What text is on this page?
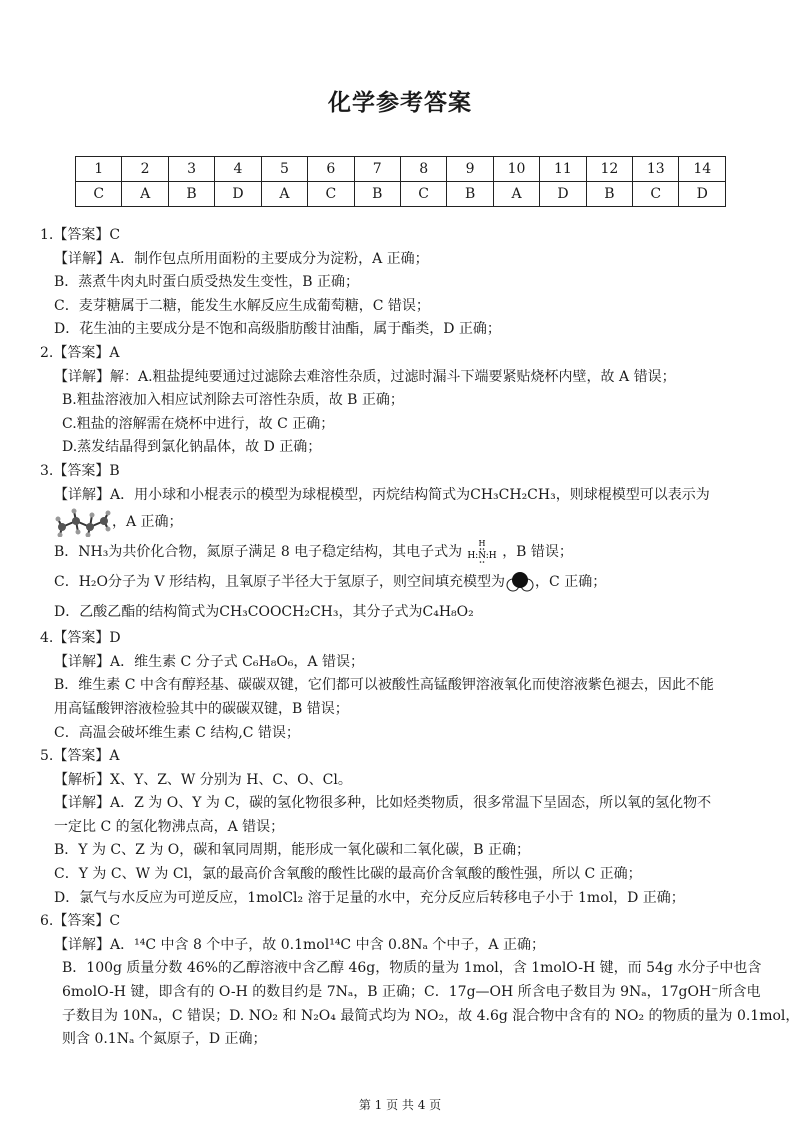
化学参考答案
1	2	3	4	5	6	7	8	9	10	11	12	13	14
C	A	B	D	A	C	B	C	B	A	D	B	C	D
1.【答案】C
【详解】A．制作包点所用面粉的主要成分为淀粉，A 正确；
B．蒸煮牛肉丸时蛋白质受热发生变性，B 正确；
C．麦芽糖属于二糖，能发生水解反应生成葡萄糖，C 错误；
D．花生油的主要成分是不饱和高级脂肪酸甘油酯，属于酯类，D 正确；
2.【答案】A
【详解】解：A.粗盐提纯要通过过滤除去难溶性杂质，过滤时漏斗下端要紧贴烧杯内壁，故 A 错误；
B.粗盐溶液加入相应试剂除去可溶性杂质，故 B 正确；
C.粗盐的溶解需在烧杯中进行，故 C 正确；
D.蒸发结晶得到氯化钠晶体，故 D 正确；
3.【答案】B
【详解】A．用小球和小棍表示的模型为球棍模型，丙烷结构简式为CH₃CH₂CH₃，则球棍模型可以表示为
，A 正确；
B．NH₃为共价化合物，氮原子满足 8 电子稳定结构，其电子式为
H
H:N:H ，B 错误；
C．H₂O分子为 V 形结构，且氧原子半径大于氢原子，则空间填充模型为 ，C 正确；
D．乙酸乙酯的结构简式为CH₃COOCH₂CH₃，其分子式为C₄H₈O₂
4.【答案】D
【详解】A．维生素 C 分子式 C₆H₈O₆，A 错误；
B．维生素 C 中含有醇羟基、碳碳双键，它们都可以被酸性高锰酸钾溶液氧化而使溶液紫色褪去，因此不能
用高锰酸钾溶液检验其中的碳碳双键，B 错误；
C．高温会破坏维生素 C 结构,C 错误；
5.【答案】A
【解析】X、Y、Z、W 分别为 H、C、O、Cl。
【详解】A．Z 为 O、Y 为 C，碳的氢化物很多种，比如烃类物质，很多常温下呈固态，所以氧的氢化物不
一定比 C 的氢化物沸点高，A 错误；
B．Y 为 C、Z 为 O，碳和氧同周期，能形成一氧化碳和二氧化碳，B 正确；
C．Y 为 C、W 为 Cl，氯的最高价含氧酸的酸性比碳的最高价含氧酸的酸性强，所以 C 正确；
D．氯气与水反应为可逆反应，1molCl₂ 溶于足量的水中，充分反应后转移电子小于 1mol，D 正确；
6.【答案】C
【详解】A．¹⁴C 中含 8 个中子，故 0.1mol¹⁴C 中含 0.8Nₐ 个中子，A 正确；
B．100g 质量分数 46%的乙醇溶液中含乙醇 46g，物质的量为 1mol，含 1molO-H 键，而 54g 水分子中也含
6molO-H 键，即含有的 O-H 的数目约是 7Nₐ，B 正确；C．17g—OH 所含电子数目为 9Nₐ，17gOH⁻所含电
子数目为 10Nₐ，C 错误；D. NO₂ 和 N₂O₄ 最简式均为 NO₂，故 4.6g 混合物中含有的 NO₂ 的物质的量为 0.1mol，
则含 0.1Nₐ 个氮原子，D 正确；
第 1 页 共 4 页
